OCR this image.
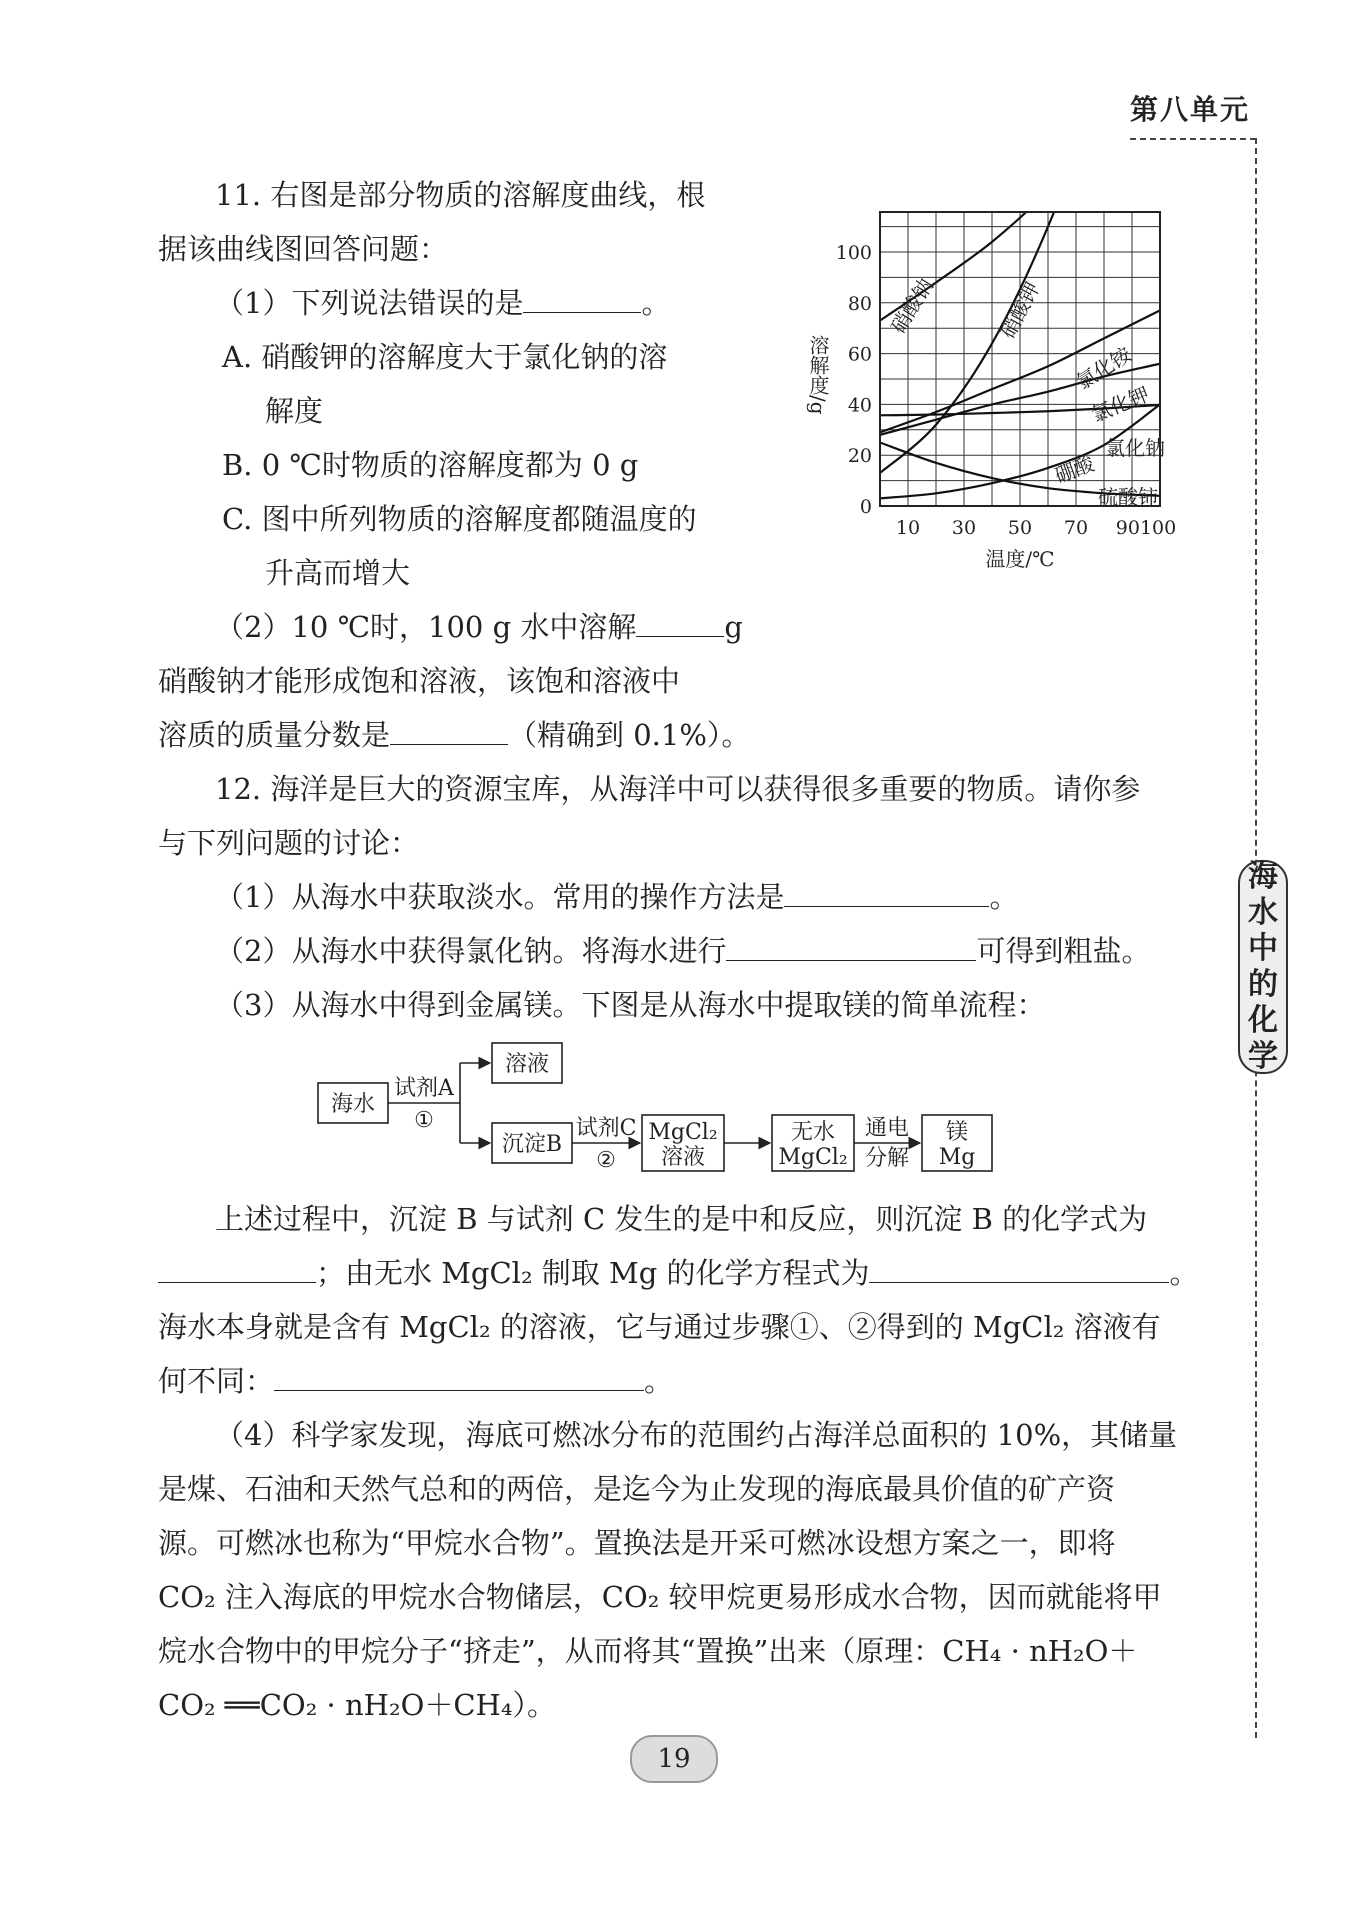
第八单元
海
水
中
的
化
学
11. 右图是部分物质的溶解度曲线，根
据该曲线图回答问题：
（1）下列说法错误的是	。
A. 硝酸钾的溶解度大于氯化钠的溶
解度
B. 0 ℃时物质的溶解度都为 0 g
C. 图中所列物质的溶解度都随温度的
升高而增大
（2）10 ℃时，100 g 水中溶解	g
硝酸钠才能形成饱和溶液，该饱和溶液中
溶质的质量分数是	（精确到 0.1%）。
硝酸钠	硝酸钾
氯化铵
氯化钾
氯化钠
硼酸
硫酸铈
0
20
40
60
80
100
10 30 50 70 90100
温度/℃
溶解度/g
12. 海洋是巨大的资源宝库，从海洋中可以获得很多重要的物质。请你参
与下列问题的讨论：
（1）从海水中获取淡水。常用的操作方法是	。
（2）从海水中获得氯化钠。将海水进行	可得到粗盐。
（3）从海水中得到金属镁。下图是从海水中提取镁的简单流程：
海水
试剂A
①
溶液
沉淀B
试剂C
②
MgCl₂
溶液
无水
MgCl₂
通电
分解
镁
Mg
上述过程中，沉淀 B 与试剂 C 发生的是中和反应，则沉淀 B 的化学式为
；由无水 MgCl₂ 制取 Mg 的化学方程式为	。
海水本身就是含有 MgCl₂ 的溶液，它与通过步骤①、②得到的 MgCl₂ 溶液有
何不同：	。
（4）科学家发现，海底可燃冰分布的范围约占海洋总面积的 10%，其储量
是煤、石油和天然气总和的两倍，是迄今为止发现的海底最具价值的矿产资
源。可燃冰也称为“甲烷水合物”。置换法是开采可燃冰设想方案之一，即将
CO₂ 注入海底的甲烷水合物储层，CO₂ 较甲烷更易形成水合物，因而就能将甲
烷水合物中的甲烷分子“挤走”，从而将其“置换”出来（原理：CH₄ · nH₂O＋
CO₂ ══CO₂ · nH₂O＋CH₄）。
19
